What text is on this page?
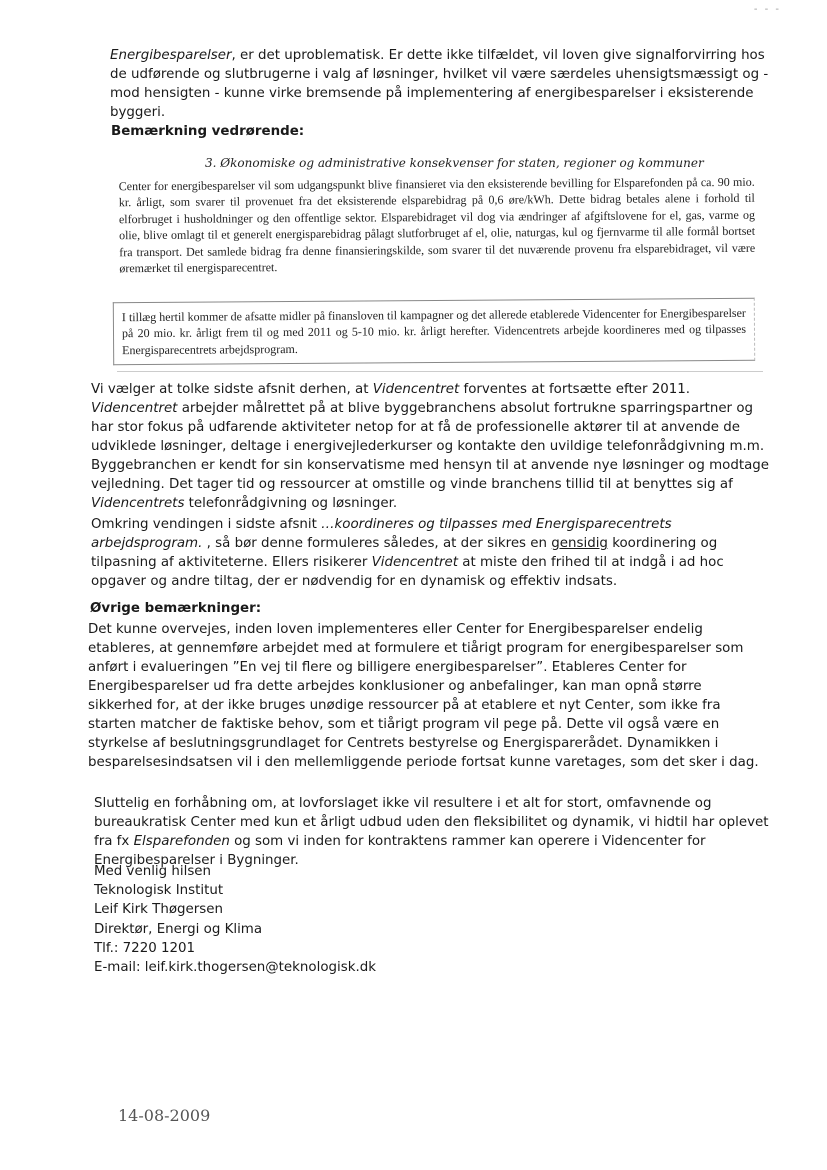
- - -
Energibesparelser, er det uproblematisk. Er dette ikke tilfældet, vil loven give signalforvirring hos de udførende og slutbrugerne i valg af løsninger, hvilket vil være særdeles uhensigtsmæssigt og - mod hensigten - kunne virke bremsende på implementering af energibesparelser i eksisterende byggeri.
Bemærkning vedrørende:
3. Økonomiske og administrative konsekvenser for staten, regioner og kommuner
Center for energibesparelser vil som udgangspunkt blive finansieret via den eksisterende bevilling for Elsparefonden på ca. 90 mio. kr. årligt, som svarer til provenuet fra det eksisterende elsparebidrag på 0,6 øre/kWh. Dette bidrag betales alene i forhold til elforbruget i husholdninger og den offentlige sektor. Elsparebidraget vil dog via ændringer af afgiftslovene for el, gas, varme og olie, blive omlagt til et generelt energisparebidrag pålagt slutforbruget af el, olie, naturgas, kul og fjernvarme til alle formål bortset fra transport. Det samlede bidrag fra denne finansieringskilde, som svarer til det nuværende provenu fra elsparebidraget, vil være øremærket til energisparecentret.
I tillæg hertil kommer de afsatte midler på finansloven til kampagner og det allerede etablerede Videncenter for Energibesparelser på 20 mio. kr. årligt frem til og med 2011 og 5-10 mio. kr. årligt herefter. Videncentrets arbejde koordineres med og tilpasses Energisparecentrets arbejdsprogram.
Vi vælger at tolke sidste afsnit derhen, at Videncentret forventes at fortsætte efter 2011. Videncentret arbejder målrettet på at blive byggebranchens absolut fortrukne sparringspartner og har stor fokus på udfarende aktiviteter netop for at få de professionelle aktører til at anvende de udviklede løsninger, deltage i energivejlederkurser og kontakte den uvildige telefonrådgivning m.m. Byggebranchen er kendt for sin konservatisme med hensyn til at anvende nye løsninger og modtage vejledning. Det tager tid og ressourcer at omstille og vinde branchens tillid til at benyttes sig af Videncentrets telefonrådgivning og løsninger.
Omkring vendingen i sidste afsnit …koordineres og tilpasses med Energisparecentrets arbejdsprogram. , så bør denne formuleres således, at der sikres en gensidig koordinering og tilpasning af aktiviteterne. Ellers risikerer Videncentret at miste den frihed til at indgå i ad hoc opgaver og andre tiltag, der er nødvendig for en dynamisk og effektiv indsats.
Øvrige bemærkninger:
Det kunne overvejes, inden loven implementeres eller Center for Energibesparelser endelig etableres, at gennemføre arbejdet med at formulere et tiårigt program for energibesparelser som anført i evalueringen ”En vej til flere og billigere energibesparelser”. Etableres Center for Energibesparelser ud fra dette arbejdes konklusioner og anbefalinger, kan man opnå større sikkerhed for, at der ikke bruges unødige ressourcer på at etablere et nyt Center, som ikke fra starten matcher de faktiske behov, som et tiårigt program vil pege på. Dette vil også være en styrkelse af beslutningsgrundlaget for Centrets bestyrelse og Energisparerådet. Dynamikken i besparelsesindsatsen vil i den mellemliggende periode fortsat kunne varetages, som det sker i dag.
Sluttelig en forhåbning om, at lovforslaget ikke vil resultere i et alt for stort, omfavnende og bureaukratisk Center med kun et årligt udbud uden den fleksibilitet og dynamik, vi hidtil har oplevet fra fx Elsparefonden og som vi inden for kontraktens rammer kan operere i Videncenter for Energibesparelser i Bygninger.
Med venlig hilsen
Teknologisk Institut
Leif Kirk Thøgersen
Direktør, Energi og Klima
Tlf.: 7220 1201
E-mail: leif.kirk.thogersen@teknologisk.dk
14-08-2009
